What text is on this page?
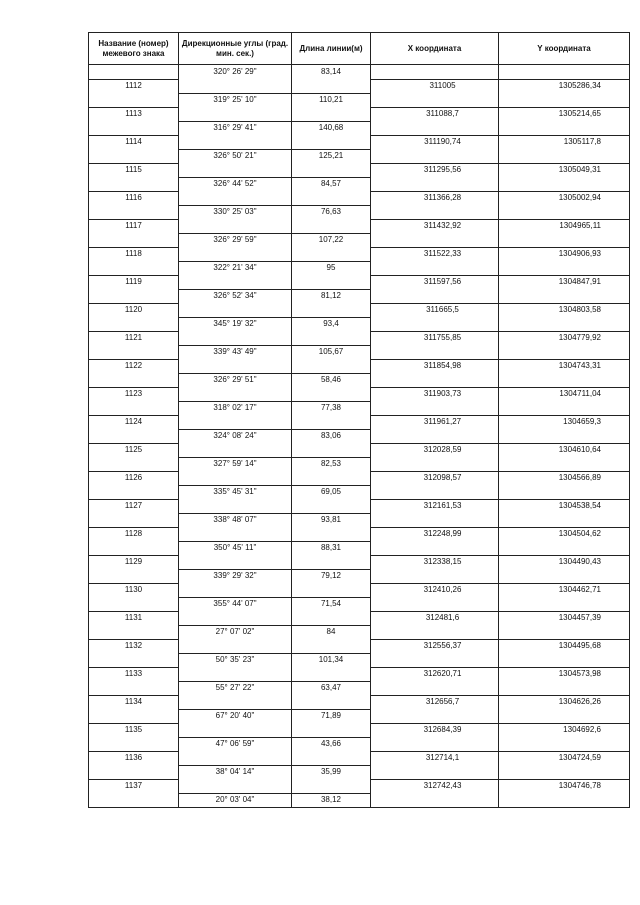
Название (номер) межевого знака	Дирекционные углы (град. мин. сек.)	Длина линии(м)	X координата	Y координата
	320° 26' 29"	83,14		
1112			311005	1305286,34
	319° 25' 10"	110,21		
1113			311088,7	1305214,65
	316° 29' 41"	140,68		
1114			311190,74	1305117,8
	326° 50' 21"	125,21		
1115			311295,56	1305049,31
	326° 44' 52"	84,57		
1116			311366,28	1305002,94
	330° 25' 03"	76,63		
1117			311432,92	1304965,11
	326° 29' 59"	107,22		
1118			311522,33	1304906,93
	322° 21' 34"	95		
1119			311597,56	1304847,91
	326° 52' 34"	81,12		
1120			311665,5	1304803,58
	345° 19' 32"	93,4		
1121			311755,85	1304779,92
	339° 43' 49"	105,67		
1122			311854,98	1304743,31
	326° 29' 51"	58,46		
1123			311903,73	1304711,04
	318° 02' 17"	77,38		
1124			311961,27	1304659,3
	324° 08' 24"	83,06		
1125			312028,59	1304610,64
	327° 59' 14"	82,53		
1126			312098,57	1304566,89
	335° 45' 31"	69,05		
1127			312161,53	1304538,54
	338° 48' 07"	93,81		
1128			312248,99	1304504,62
	350° 45' 11"	88,31		
1129			312338,15	1304490,43
	339° 29' 32"	79,12		
1130			312410,26	1304462,71
	355° 44' 07"	71,54		
1131			312481,6	1304457,39
	27° 07' 02"	84		
1132			312556,37	1304495,68
	50° 35' 23"	101,34		
1133			312620,71	1304573,98
	55° 27' 22"	63,47		
1134			312656,7	1304626,26
	67° 20' 40"	71,89		
1135			312684,39	1304692,6
	47° 06' 59"	43,66		
1136			312714,1	1304724,59
	38° 04' 14"	35,99		
1137			312742,43	1304746,78
	20° 03' 04"	38,12		
